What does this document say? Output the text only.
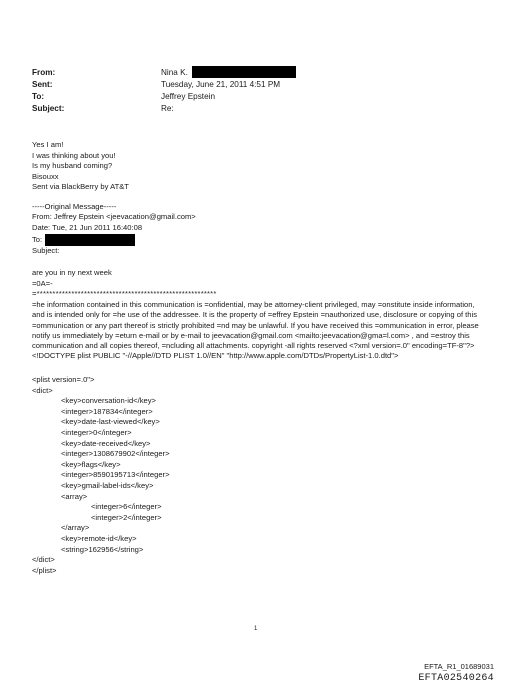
From:	Nina K.
Sent:	Tuesday, June 21, 2011 4:51 PM
To:	Jeffrey Epstein
Subject:	Re:
Yes I am!
I was thinking about you!
Is my husband coming?
Bisouxx
Sent via BlackBerry by AT&T
-----Original Message-----
From: Jeffrey Epstein <jeevacation@gmail.com>
Date: Tue, 21 Jun 2011 16:40:08
To:
Subject:
are you in ny next week
=0A=-
=*********************************************************
=he information contained in this communication is =onfidential, may be attorney-client privileged, may =onstitute inside information, and is intended only for =he use of the addressee. It is the property of =effrey Epstein =nauthorized use, disclosure or copying of this =ommunication or any part thereof is strictly prohibited =nd may be unlawful. If you have received this =ommunication in error, please notify us immediately by =eturn e-mail or by e-mail to jeevacation@gmail.com <mailto:jeevacation@gma=l.com> , and =estroy this communication and all copies thereof, =ncluding all attachments. copyright -all rights reserved <?xml version=.0" encoding=TF-8"?> <!DOCTYPE plist PUBLIC "-//Apple//DTD PLIST 1.0//EN" "http://www.apple.com/DTDs/PropertyList-1.0.dtd">
<plist version=.0">
<dict>
<key>conversation-id</key>
<integer>187834</integer>
<key>date-last-viewed</key>
<integer>0</integer>
<key>date-received</key>
<integer>1308679902</integer>
<key>flags</key>
<integer>8590195713</integer>
<key>gmail-label-ids</key>
<array>
<integer>6</integer>
<integer>2</integer>
</array>
<key>remote-id</key>
<string>162956</string>
</dict>
</plist>
1
EFTA_R1_01689031
EFTA02540264
